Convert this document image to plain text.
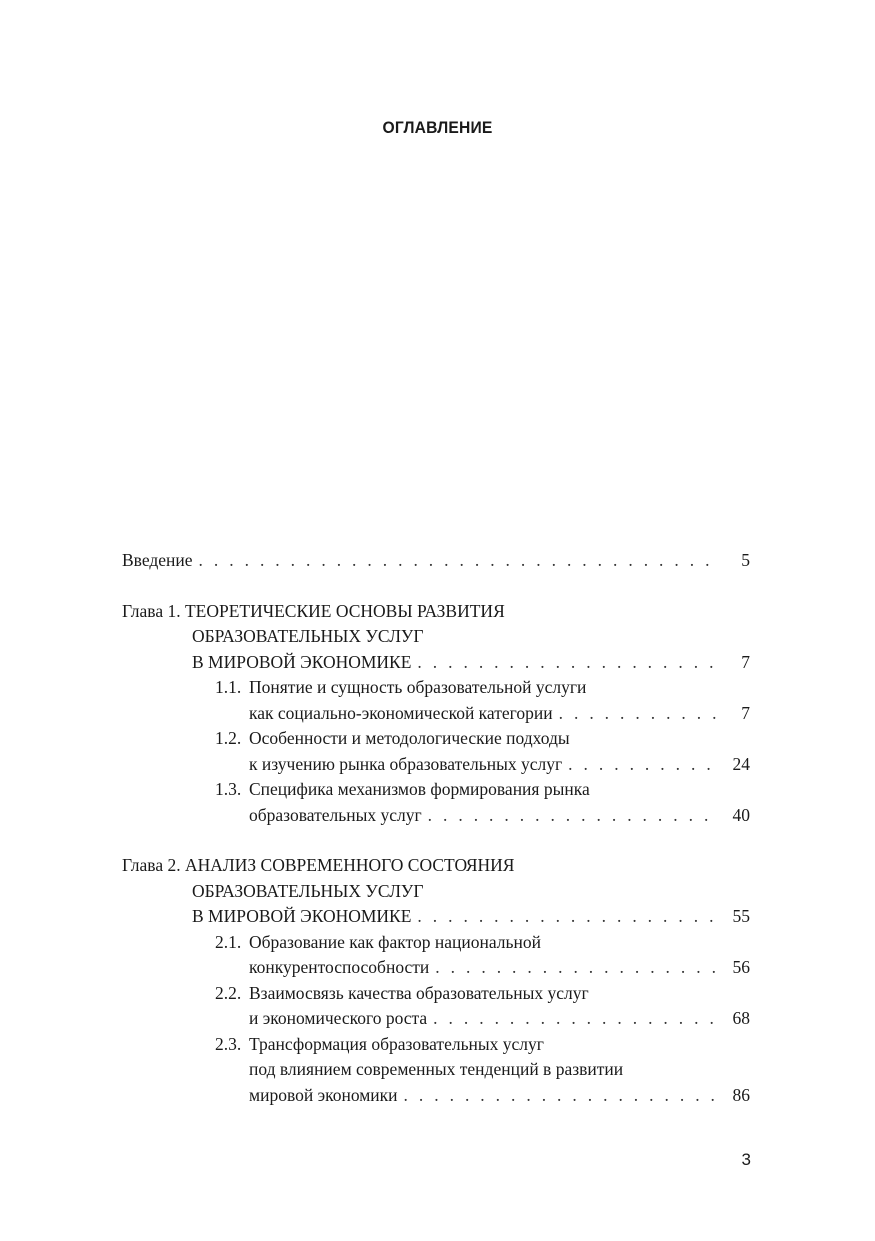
ОГЛАВЛЕНИЕ
Введение . . .	5
Глава 1. ТЕОРЕТИЧЕСКИЕ ОСНОВЫ РАЗВИТИЯ
ОБРАЗОВАТЕЛЬНЫХ УСЛУГ
В МИРОВОЙ ЭКОНОМИКЕ . . .	7
1.1. Понятие и сущность образовательной услуги
как социально-экономической категории . . .	7
1.2. Особенности и методологические подходы
к изучению рынка образовательных услуг . . .	24
1.3. Специфика механизмов формирования рынка
образовательных услуг . . .	40
Глава 2. АНАЛИЗ СОВРЕМЕННОГО СОСТОЯНИЯ
ОБРАЗОВАТЕЛЬНЫХ УСЛУГ
В МИРОВОЙ ЭКОНОМИКЕ . . .	55
2.1. Образование как фактор национальной
конкурентоспособности . . .	56
2.2. Взаимосвязь качества образовательных услуг
и экономического роста . . .	68
2.3. Трансформация образовательных услуг
под влиянием современных тенденций в развитии
мировой экономики . . .	86
3
